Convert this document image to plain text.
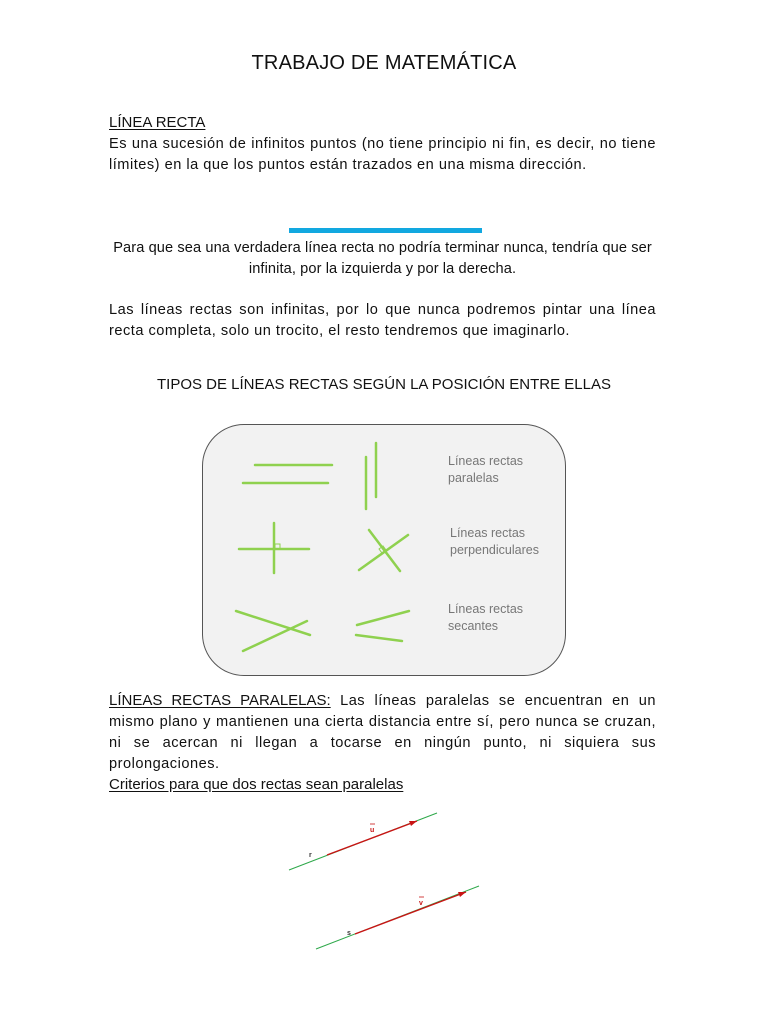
TRABAJO DE MATEMÁTICA
LÍNEA RECTA
Es una sucesión de infinitos puntos (no tiene principio ni fin, es decir, no tiene límites) en la que los puntos están trazados en una misma dirección.
Para que sea una verdadera línea recta no podría terminar nunca, tendría que ser infinita, por la izquierda y por la derecha.
Las líneas rectas son infinitas, por lo que nunca podremos pintar una línea recta completa, solo un trocito, el resto tendremos que imaginarlo.
TIPOS DE LÍNEAS RECTAS SEGÚN LA POSICIÓN ENTRE ELLAS
Líneas rectas paralelas
Líneas rectas perpendiculares
Líneas rectas secantes
LÍNEAS RECTAS PARALELAS: Las líneas paralelas se encuentran en un mismo plano y mantienen una cierta distancia entre sí, pero nunca se cruzan, ni se acercan ni llegan a tocarse en ningún punto, ni siquiera sus prolongaciones.
Criterios para que dos rectas sean paralelas
r
u
s
v
